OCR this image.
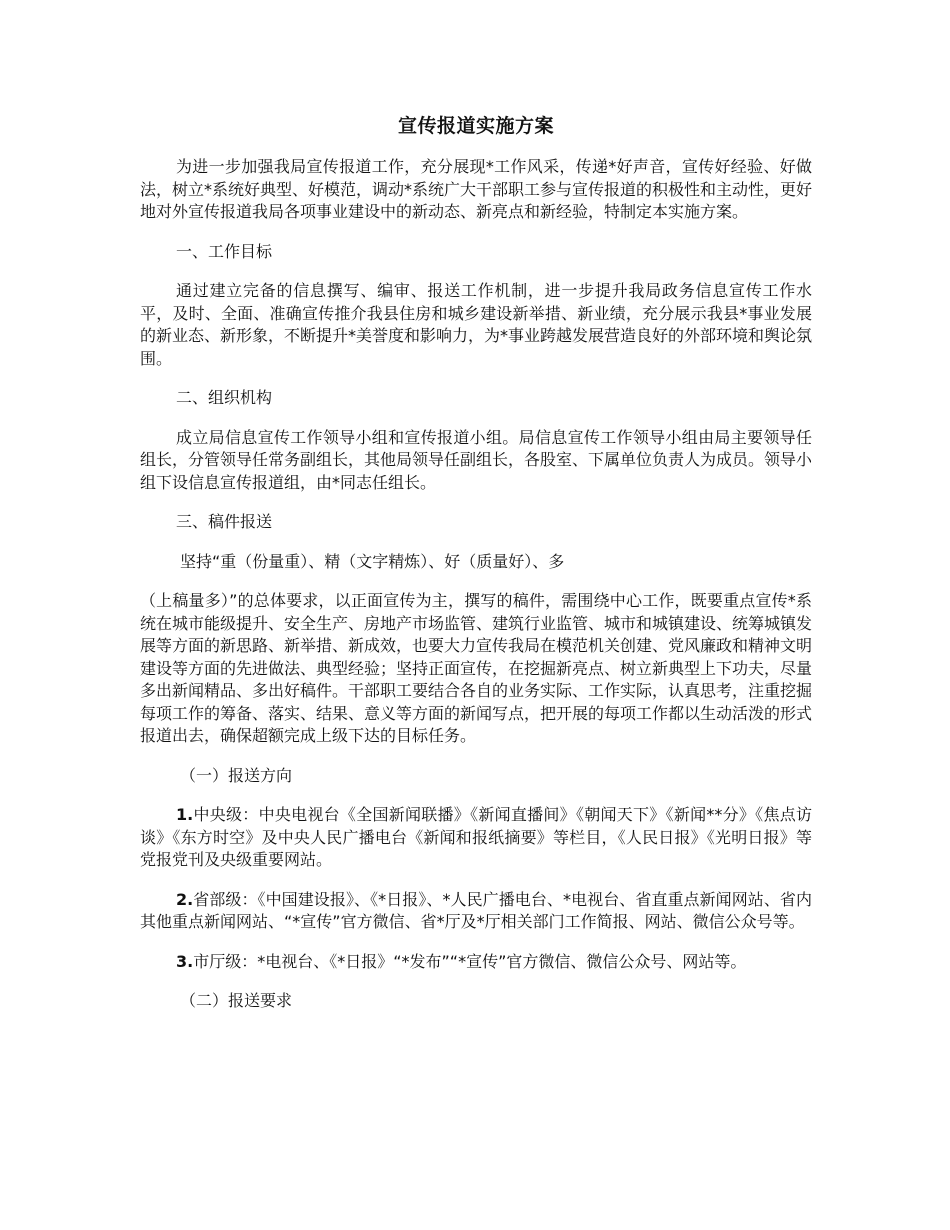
宣传报道实施方案

为进一步加强我局宣传报道工作，充分展现*工作风采，传递*好声音，宣传好经验、好做法，树立*系统好典型、好模范，调动*系统广大干部职工参与宣传报道的积极性和主动性，更好地对外宣传报道我局各项事业建设中的新动态、新亮点和新经验，特制定本实施方案。

一、工作目标

通过建立完备的信息撰写、编审、报送工作机制，进一步提升我局政务信息宣传工作水平，及时、全面、准确宣传推介我县住房和城乡建设新举措、新业绩，充分展示我县*事业发展的新业态、新形象，不断提升*美誉度和影响力，为*事业跨越发展营造良好的外部环境和舆论氛围。

二、组织机构

成立局信息宣传工作领导小组和宣传报道小组。局信息宣传工作领导小组由局主要领导任组长，分管领导任常务副组长，其他局领导任副组长，各股室、下属单位负责人为成员。领导小组下设信息宣传报道组，由*同志任组长。

三、稿件报送

坚持“重（份量重）、精（文字精炼）、好（质量好）、多

（上稿量多）”的总体要求，以正面宣传为主，撰写的稿件，需围绕中心工作，既要重点宣传*系统在城市能级提升、安全生产、房地产市场监管、建筑行业监管、城市和城镇建设、统筹城镇发展等方面的新思路、新举措、新成效，也要大力宣传我局在模范机关创建、党风廉政和精神文明建设等方面的先进做法、典型经验；坚持正面宣传，在挖掘新亮点、树立新典型上下功夫，尽量多出新闻精品、多出好稿件。干部职工要结合各自的业务实际、工作实际，认真思考，注重挖掘每项工作的筹备、落实、结果、意义等方面的新闻写点，把开展的每项工作都以生动活泼的形式报道出去，确保超额完成上级下达的目标任务。

（一）报送方向

1.中央级：中央电视台《全国新闻联播》《新闻直播间》《朝闻天下》《新闻**分》《焦点访谈》《东方时空》及中央人民广播电台《新闻和报纸摘要》等栏目，《人民日报》《光明日报》等党报党刊及央级重要网站。

2.省部级：《中国建设报》、《*日报》、*人民广播电台、*电视台、省直重点新闻网站、省内其他重点新闻网站、“*宣传”官方微信、省*厅及*厅相关部门工作简报、网站、微信公众号等。

3.市厅级：*电视台、《*日报》“*发布”“*宣传”官方微信、微信公众号、网站等。

（二）报送要求
